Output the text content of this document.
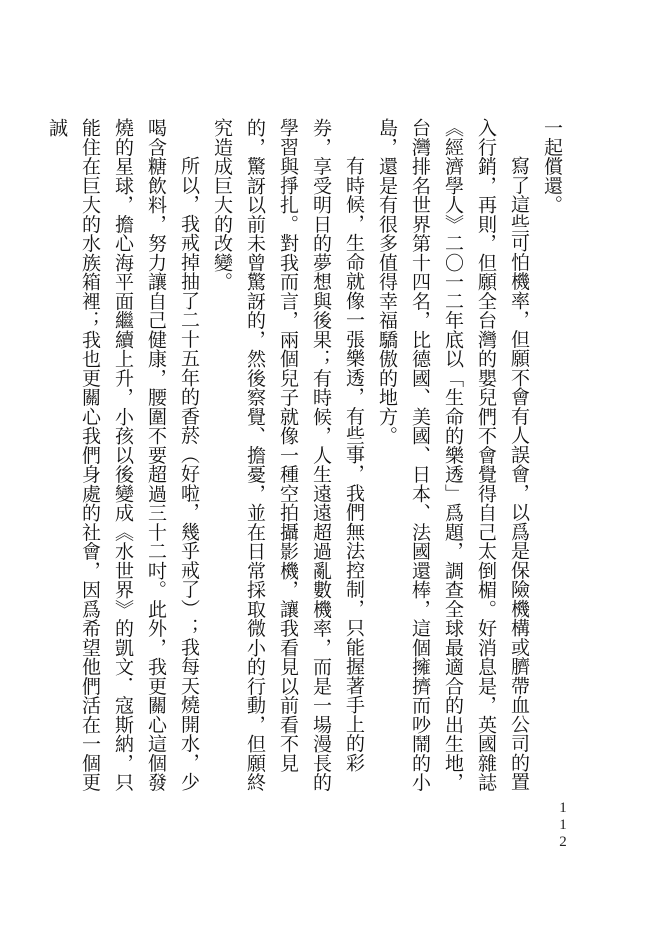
一起償還。

寫了這些可怕機率，但願不會有人誤會，以爲是保險機構或臍帶血公司的置入行銷，再則，但願全台灣的嬰兒們不會覺得自己太倒楣。好消息是，英國雜誌《經濟學人》二〇一二年底以「生命的樂透」爲題，調查全球最適合的出生地，台灣排名世界第十四名，比德國、美國、日本、法國還棒，這個擁擠而吵鬧的小島，還是有很多值得幸福驕傲的地方。

有時候，生命就像一張樂透，有些事，我們無法控制，只能握著手上的彩券，享受明日的夢想與後果；有時候，人生遠遠超過亂數機率，而是一場漫長的學習與掙扎。對我而言，兩個兒子就像一種空拍攝影機，讓我看見以前看不見的，驚訝以前未曾驚訝的，然後察覺、擔憂，並在日常採取微小的行動，但願終究造成巨大的改變。

所以，我戒掉抽了二十五年的香菸（好啦，幾乎戒了）；我每天燒開水，少喝含糖飲料，努力讓自己健康，腰圍不要超過三十二吋。此外，我更關心這個發燒的星球，擔心海平面繼續上升，小孩以後變成《水世界》的凱文．寇斯納，只能住在巨大的水族箱裡；我也更關心我們身處的社會，因爲希望他們活在一個更誠

112
